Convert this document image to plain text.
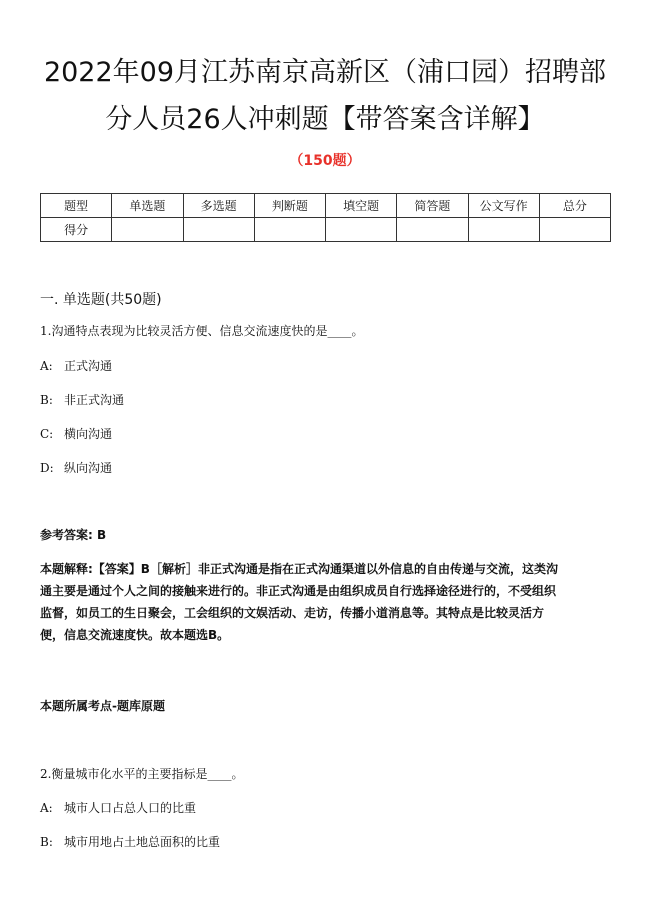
2022年09月江苏南京高新区（浦口园）招聘部
分人员26人冲刺题【带答案含详解】
（150题）
题型	单选题	多选题	判断题	填空题	简答题	公文写作	总分
得分							
一. 单选题(共50题)
1.沟通特点表现为比较灵活方便、信息交流速度快的是____。
A: 正式沟通
B: 非正式沟通
C: 横向沟通
D: 纵向沟通
参考答案: B
本题解释:【答案】B［解析］非正式沟通是指在正式沟通渠道以外信息的自由传递与交流，这类沟
通主要是通过个人之间的接触来进行的。非正式沟通是由组织成员自行选择途径进行的，不受组织
监督，如员工的生日聚会，工会组织的文娱活动、走访，传播小道消息等。其特点是比较灵活方
便，信息交流速度快。故本题选B。
本题所属考点-题库原题
2.衡量城市化水平的主要指标是____。
A: 城市人口占总人口的比重
B: 城市用地占土地总面积的比重
